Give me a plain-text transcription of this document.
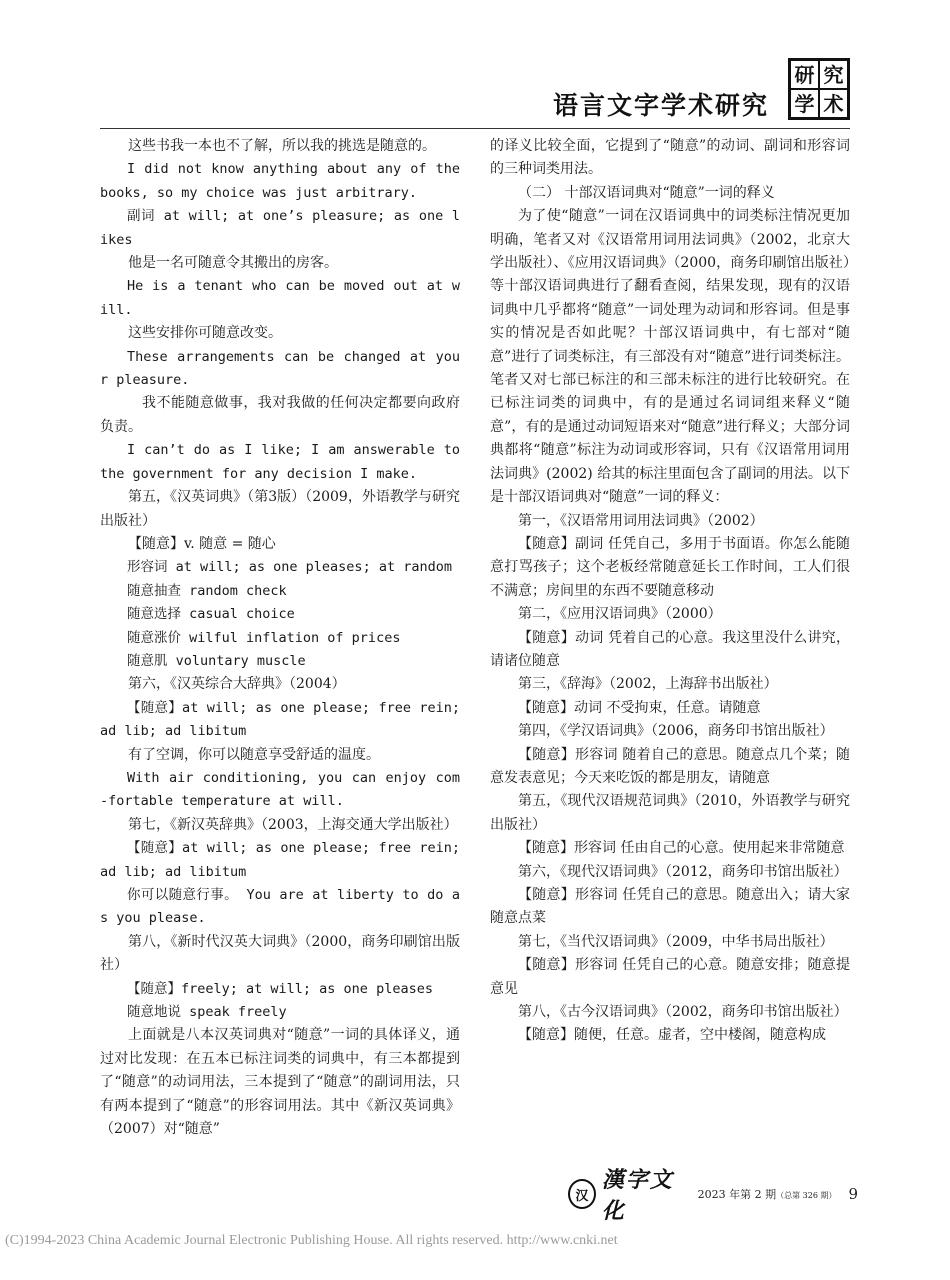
语言文字学术研究
研 究
学 术

这些书我一本也不了解，所以我的挑选是随意的。

I did not know anything about any of the books, so my choice was just arbitrary.

副词 at will; at one’s pleasure; as one likes

他是一名可随意令其搬出的房客。

He is a tenant who can be moved out at will.

这些安排你可随意改变。

These arrangements can be changed at your pleasure.

我不能随意做事，我对我做的任何决定都要向政府负责。

I can’t do as I like; I am answerable to the government for any decision I make.

第五，《汉英词典》（第3版）（2009，外语教学与研究出版社）

【随意】v. 随意 = 随心

形容词 at will; as one pleases; at random

随意抽查 random check

随意选择 casual choice

随意涨价 wilful inflation of prices

随意肌 voluntary muscle

第六，《汉英综合大辞典》（2004）

【随意】at will; as one please; free rein; ad lib; ad libitum

有了空调，你可以随意享受舒适的温度。

With air conditioning, you can enjoy com-fortable temperature at will.

第七，《新汉英辞典》（2003，上海交通大学出版社）

【随意】at will; as one please; free rein; ad lib; ad libitum

你可以随意行事。 You are at liberty to do as you please.

第八，《新时代汉英大词典》（2000，商务印刷馆出版社）

【随意】freely; at will; as one pleases

随意地说 speak freely

上面就是八本汉英词典对“随意”一词的具体译义，通过对比发现：在五本已标注词类的词典中，有三本都提到了“随意”的动词用法，三本提到了“随意”的副词用法，只有两本提到了“随意”的形容词用法。其中《新汉英词典》（2007）对“随意”

的译义比较全面，它提到了“随意”的动词、副词和形容词的三种词类用法。

（二） 十部汉语词典对“随意”一词的释义

为了使“随意”一词在汉语词典中的词类标注情况更加明确，笔者又对《汉语常用词用法词典》（2002，北京大学出版社）、《应用汉语词典》（2000，商务印刷馆出版社）等十部汉语词典进行了翻看查阅，结果发现，现有的汉语词典中几乎都将“随意”一词处理为动词和形容词。但是事实的情况是否如此呢？十部汉语词典中，有七部对“随意”进行了词类标注，有三部没有对“随意”进行词类标注。笔者又对七部已标注的和三部未标注的进行比较研究。在已标注词类的词典中，有的是通过名词词组来释义“随意”，有的是通过动词短语来对“随意”进行释义；大部分词典都将“随意”标注为动词或形容词，只有《汉语常用词用法词典》(2002) 给其的标注里面包含了副词的用法。以下是十部汉语词典对“随意”一词的释义：

第一，《汉语常用词用法词典》（2002）

【随意】副词 任凭自己，多用于书面语。你怎么能随意打骂孩子；这个老板经常随意延长工作时间，工人们很不满意；房间里的东西不要随意移动

第二，《应用汉语词典》（2000）

【随意】动词 凭着自己的心意。我这里没什么讲究，请诸位随意

第三，《辞海》（2002，上海辞书出版社）

【随意】动词 不受拘束，任意。请随意

第四，《学汉语词典》（2006，商务印书馆出版社）

【随意】形容词 随着自己的意思。随意点几个菜；随意发表意见；今天来吃饭的都是朋友，请随意

第五，《现代汉语规范词典》（2010，外语教学与研究出版社）

【随意】形容词 任由自己的心意。使用起来非常随意

第六，《现代汉语词典》（2012，商务印书馆出版社）

【随意】形容词 任凭自己的意思。随意出入；请大家随意点菜

第七，《当代汉语词典》（2009，中华书局出版社）

【随意】形容词 任凭自己的心意。随意安排；随意提意见

第八，《古今汉语词典》（2002，商务印书馆出版社）

【随意】随便，任意。虚者，空中楼阁，随意构成

汉
漢字文化
2023 年第 2 期（总第 326 期） 9
(C)1994-2023 China Academic Journal Electronic Publishing House. All rights reserved. http://www.cnki.net
